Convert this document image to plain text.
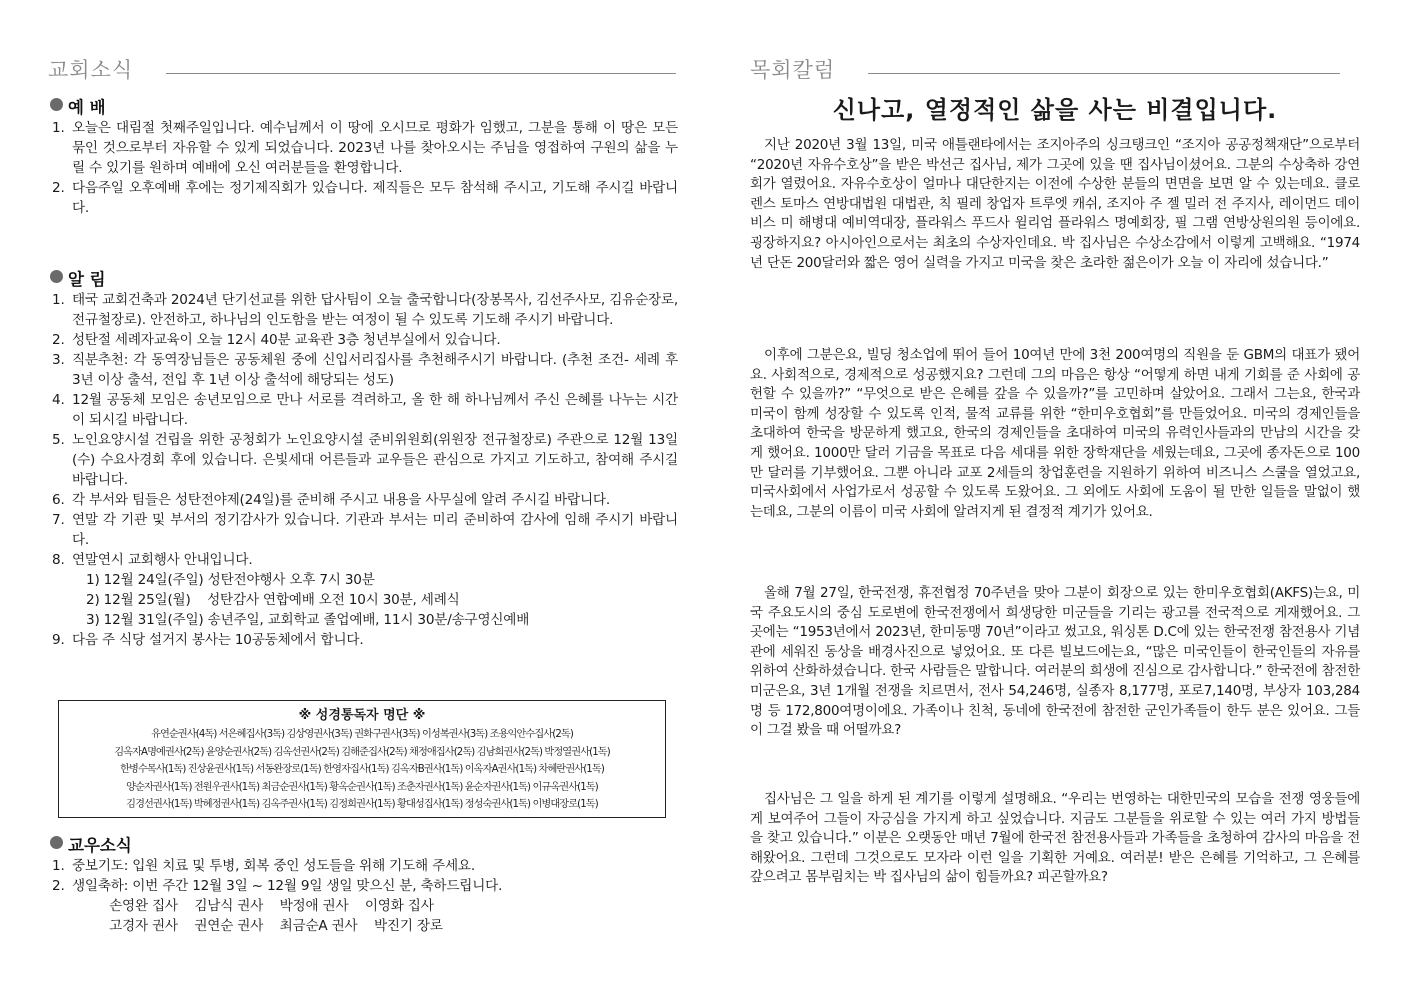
교회소식
예 배
1. 오늘은 대림절 첫째주일입니다. 예수님께서 이 땅에 오시므로 평화가 임했고, 그분을 통해 이 땅은 모든 묶인 것으로부터 자유할 수 있게 되었습니다. 2023년 나를 찾아오시는 주님을 영접하여 구원의 삶을 누릴 수 있기를 원하며 예배에 오신 여러분들을 환영합니다.
2. 다음주일 오후예배 후에는 정기제직회가 있습니다. 제직들은 모두 참석해 주시고, 기도해 주시길 바랍니다.
알 림
1. 태국 교회건축과 2024년 단기선교를 위한 답사팀이 오늘 출국합니다(장봉목사, 김선주사모, 김유순장로, 전규철장로). 안전하고, 하나님의 인도함을 받는 여정이 될 수 있도록 기도해 주시기 바랍니다.
2. 성탄절 세례자교육이 오늘 12시 40분 교육관 3층 청년부실에서 있습니다.
3. 직분추천: 각 동역장님들은 공동체원 중에 신입서리집사를 추천해주시기 바랍니다. (추천 조건- 세례 후 3년 이상 출석, 전입 후 1년 이상 출석에 해당되는 성도)
4. 12월 공동체 모임은 송년모임으로 만나 서로를 격려하고, 올 한 해 하나님께서 주신 은혜를 나누는 시간이 되시길 바랍니다.
5. 노인요양시설 건립을 위한 공청회가 노인요양시설 준비위원회(위원장 전규철장로) 주관으로 12월 13일(수) 수요사경회 후에 있습니다. 은빛세대 어른들과 교우들은 관심으로 가지고 기도하고, 참여해 주시길 바랍니다.
6. 각 부서와 팀들은 성탄전야제(24일)를 준비해 주시고 내용을 사무실에 알려 주시길 바랍니다.
7. 연말 각 기관 및 부서의 정기감사가 있습니다. 기관과 부서는 미리 준비하여 감사에 임해 주시기 바랍니다.
8. 연말연시 교회행사 안내입니다.
1) 12월 24일(주일) 성탄전야행사 오후 7시 30분
2) 12월 25일(월)    성탄감사 연합예배 오전 10시 30분, 세례식
3) 12월 31일(주일) 송년주일, 교회학교 졸업예배, 11시 30분/송구영신예배
9. 다음 주 식당 설거지 봉사는 10공동체에서 합니다.
※ 성경통독자 명단 ※
유연순권사(4독) 서은혜집사(3독) 김상영권사(3독) 권화구권사(3독) 이성복권사(3독) 조용익안수집사(2독)
김옥자A명예권사(2독) 윤양순권사(2독) 김옥선권사(2독) 김해준집사(2독) 채정애집사(2독) 김남희권사(2독) 박정열권사(1독)
한병수목사(1독) 진상윤권사(1독) 서동완장로(1독) 한영자집사(1독) 김옥자B권사(1독) 이옥자A권사(1독) 차혜란권사(1독)
양순자권사(1독) 전원우권사(1독) 최금순권사(1독) 황옥순권사(1독) 조춘자권사(1독) 윤순자권사(1독) 이규옥권사(1독)
김경선권사(1독) 박혜정권사(1독) 김옥주권사(1독) 김정희권사(1독) 황대성집사(1독) 정성숙권사(1독) 이병대장로(1독)
교우소식
1. 중보기도: 입원 치료 및 투병, 회복 중인 성도들을 위해 기도해 주세요.
2. 생일축하: 이번 주간 12월 3일 ~ 12월 9일 생일 맞으신 분, 축하드립니다.
손영완 집사    김남식 권사    박정애 권사    이영화 집사
고경자 권사    권연순 권사    최금순A 권사    박진기 장로
목회칼럼
신나고, 열정적인 삶을 사는 비결입니다.

지난 2020년 3월 13일, 미국 애틀랜타에서는 조지아주의 싱크탱크인 “조지아 공공정책재단”으로부터 “2020년 자유수호상”을 받은 박선근 집사님, 제가 그곳에 있을 땐 집사님이셨어요. 그분의 수상축하 강연회가 열렸어요. 자유수호상이 얼마나 대단한지는 이전에 수상한 분들의 면면을 보면 알 수 있는데요. 클로렌스 토마스 연방대법원 대법관, 칙 필레 창업자 트루엣 캐쉬, 조지아 주 젤 밀러 전 주지사, 레이먼드 데이비스 미 해병대 예비역대장, 플라워스 푸드사 윌리엄 플라워스 명예회장, 필 그램 연방상원의원 등이에요. 굉장하지요? 아시아인으로서는 최초의 수상자인데요. 박 집사님은 수상소감에서 이렇게 고백해요. “1974년 단돈 200달러와 짧은 영어 실력을 가지고 미국을 찾은 초라한 젊은이가 오늘 이 자리에 섰습니다.”

이후에 그분은요, 빌딩 청소업에 뛰어 들어 10여년 만에 3천 200여명의 직원을 둔 GBM의 대표가 됐어요. 사회적으로, 경제적으로 성공했지요? 그런데 그의 마음은 항상 “어떻게 하면 내게 기회를 준 사회에 공헌할 수 있을까?” “무엇으로 받은 은혜를 갚을 수 있을까?”를 고민하며 살았어요. 그래서 그는요, 한국과 미국이 함께 성장할 수 있도록 인적, 물적 교류를 위한 “한미우호협회”를 만들었어요. 미국의 경제인들을 초대하여 한국을 방문하게 했고요, 한국의 경제인들을 초대하여 미국의 유력인사들과의 만남의 시간을 갖게 했어요. 1000만 달러 기금을 목표로 다음 세대를 위한 장학재단을 세웠는데요, 그곳에 종자돈으로 100만 달러를 기부했어요. 그뿐 아니라 교포 2세들의 창업훈련을 지원하기 위하여 비즈니스 스쿨을 열었고요, 미국사회에서 사업가로서 성공할 수 있도록 도왔어요. 그 외에도 사회에 도움이 될 만한 일들을 말없이 했는데요, 그분의 이름이 미국 사회에 알려지게 된 결정적 계기가 있어요.

올해 7월 27일, 한국전쟁, 휴전협정 70주년을 맞아 그분이 회장으로 있는 한미우호협회(AKFS)는요, 미국 주요도시의 중심 도로변에 한국전쟁에서 희생당한 미군들을 기리는 광고를 전국적으로 게재했어요. 그곳에는 “1953년에서 2023년, 한미동맹 70년”이라고 썼고요, 워싱톤 D.C에 있는 한국전쟁 참전용사 기념관에 세워진 동상을 배경사진으로 넣었어요. 또 다른 빌보드에는요, “많은 미국인들이 한국인들의 자유를 위하여 산화하셨습니다. 한국 사람들은 말합니다. 여러분의 희생에 진심으로 감사합니다.” 한국전에 참전한 미군은요, 3년 1개월 전쟁을 치르면서, 전사 54,246명, 실종자 8,177명, 포로7,140명, 부상자 103,284명 등 172,800여명이에요. 가족이나 친척, 동네에 한국전에 참전한 군인가족들이 한두 분은 있어요. 그들이 그걸 봤을 때 어떨까요?

집사님은 그 일을 하게 된 계기를 이렇게 설명해요. “우리는 번영하는 대한민국의 모습을 전쟁 영웅들에게 보여주어 그들이 자긍심을 가지게 하고 싶었습니다. 지금도 그분들을 위로할 수 있는 여러 가지 방법들을 찾고 있습니다.” 이분은 오랫동안 매년 7월에 한국전 참전용사들과 가족들을 초청하여 감사의 마음을 전해왔어요. 그런데 그것으로도 모자라 이런 일을 기획한 거예요. 여러분! 받은 은혜를 기억하고, 그 은혜를 갚으려고 몸부림치는 박 집사님의 삶이 힘들까요? 피곤할까요?
